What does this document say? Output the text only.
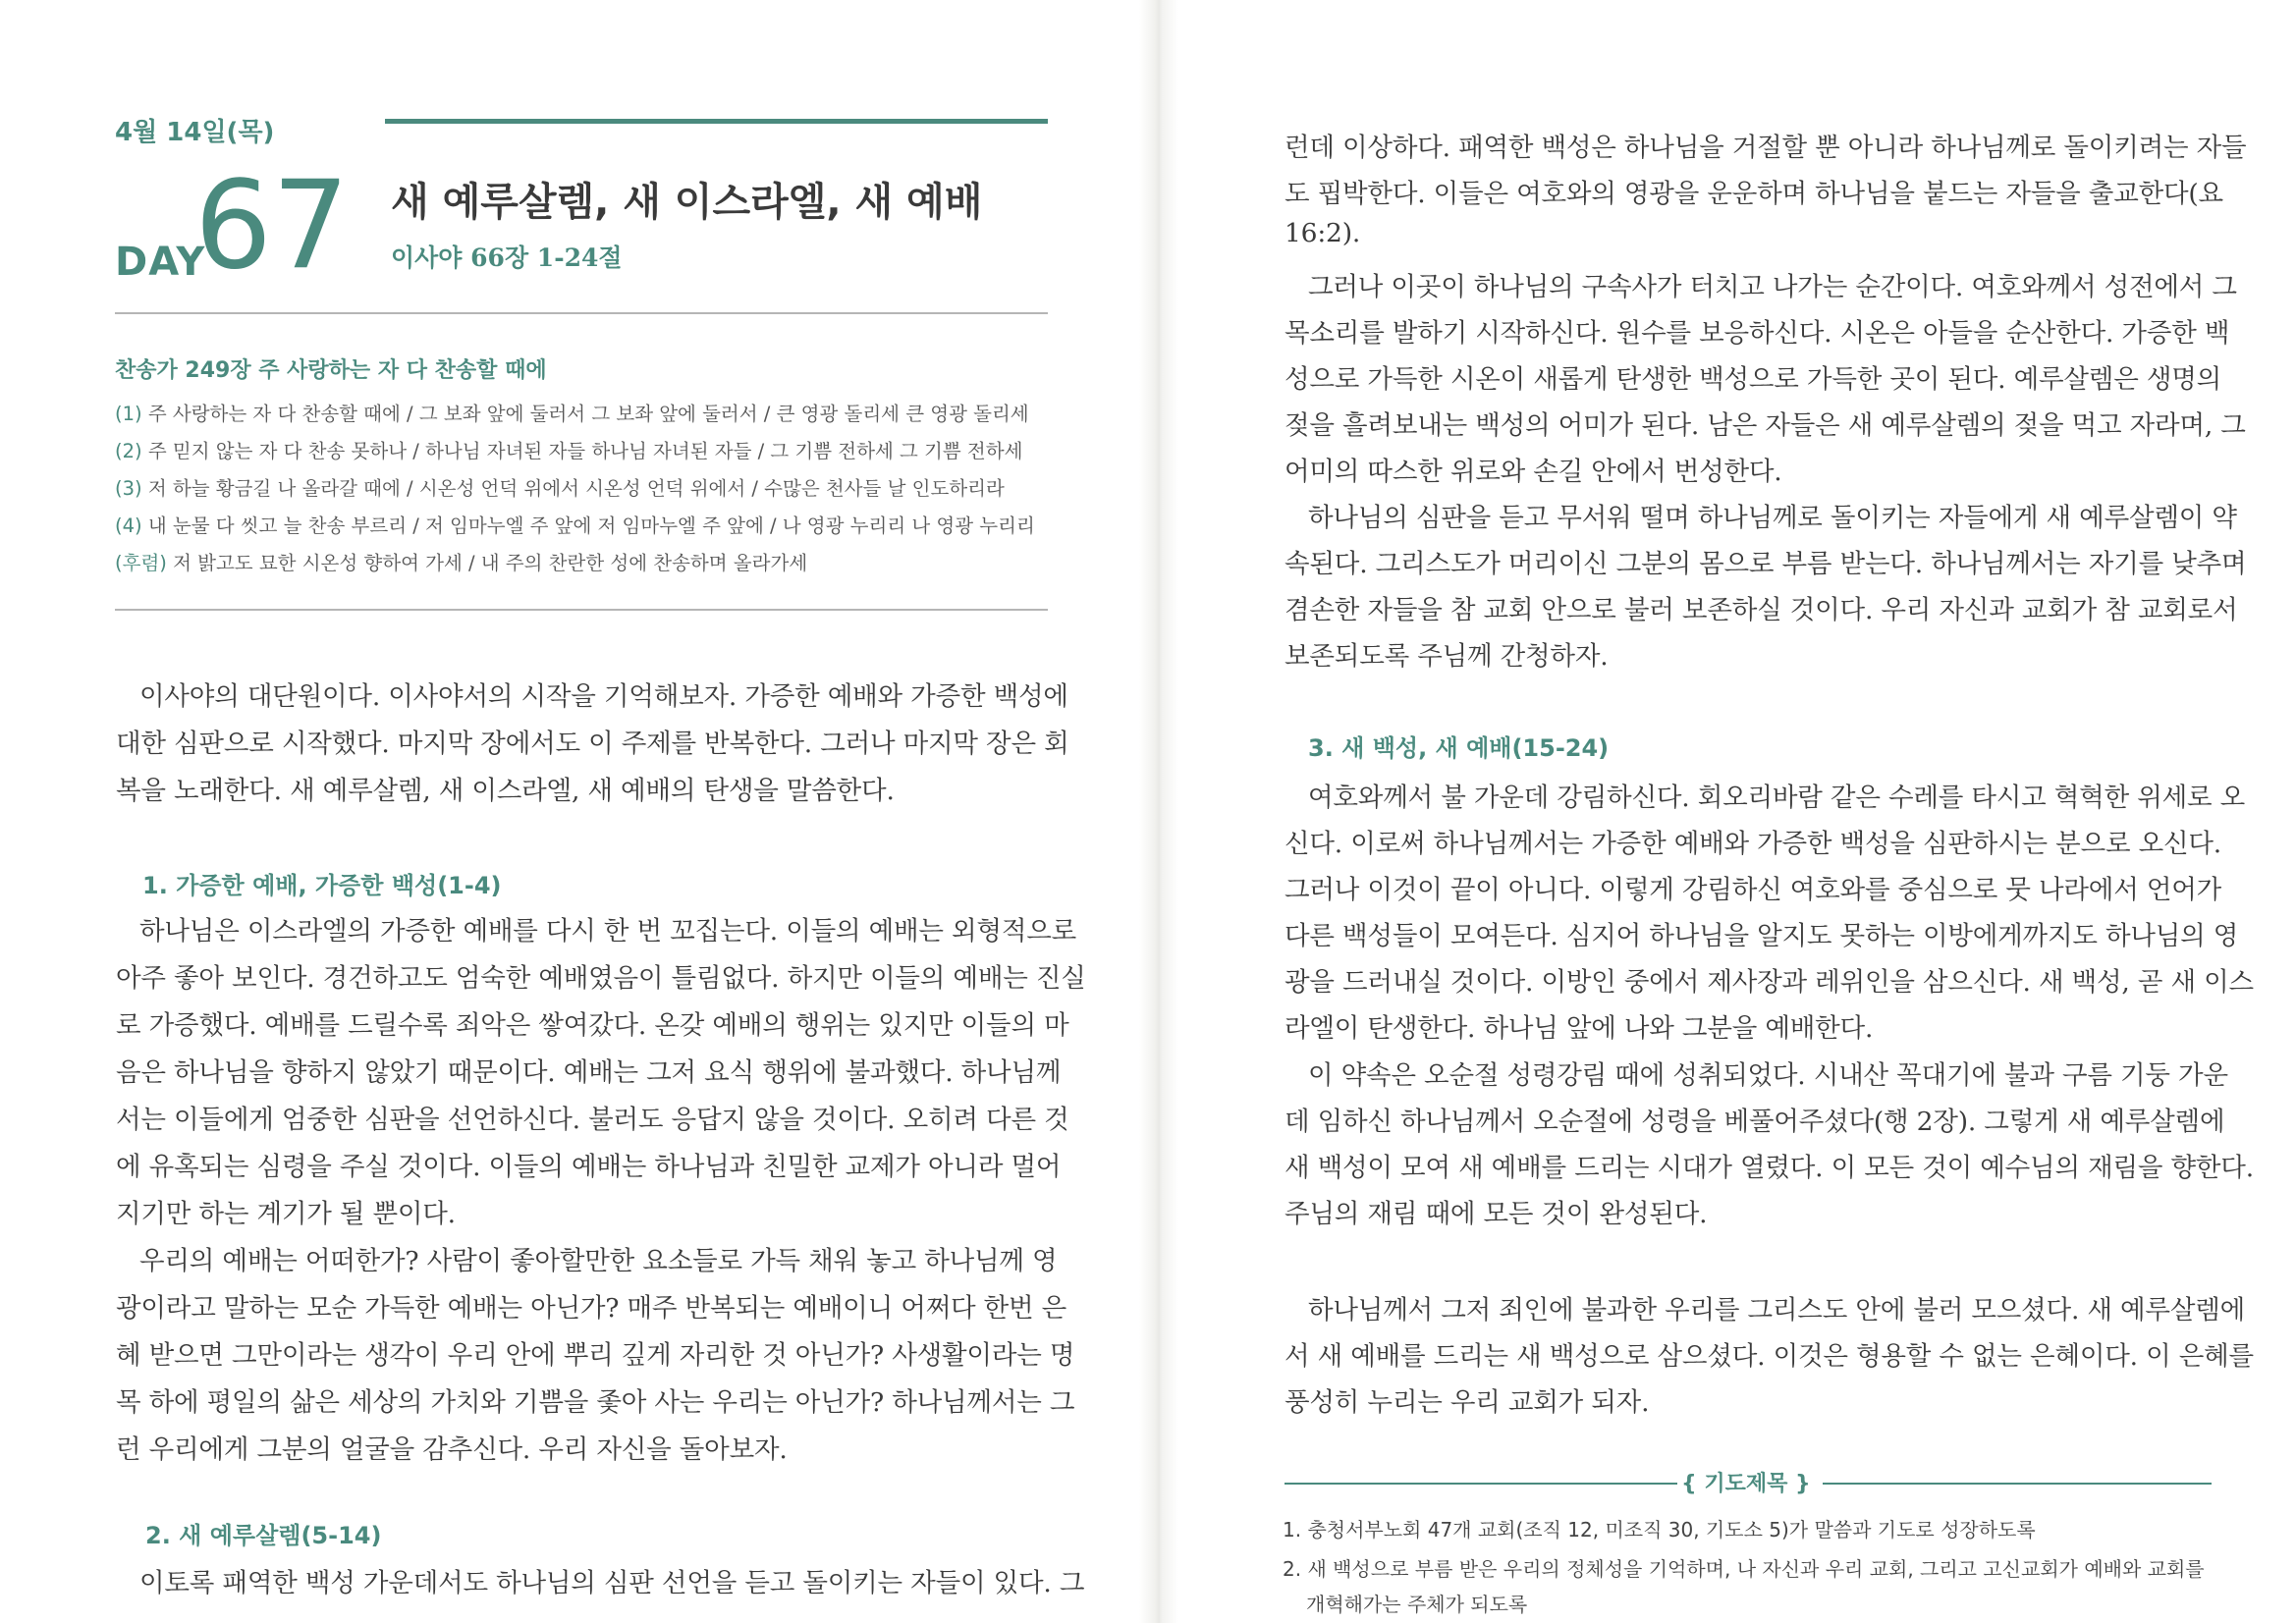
4월 14일(목)
DAY
67 새 예루살렘, 새 이스라엘, 새 예배
이사야 66장 1-24절
찬송가 249장 주 사랑하는 자 다 찬송할 때에
(1) 주 사랑하는 자 다 찬송할 때에 / 그 보좌 앞에 둘러서 그 보좌 앞에 둘러서 / 큰 영광 돌리세 큰 영광 돌리세
(2) 주 믿지 않는 자 다 찬송 못하나 / 하나님 자녀된 자들 하나님 자녀된 자들 / 그 기쁨 전하세 그 기쁨 전하세
(3) 저 하늘 황금길 나 올라갈 때에 / 시온성 언덕 위에서 시온성 언덕 위에서 / 수많은 천사들 날 인도하리라
(4) 내 눈물 다 씻고 늘 찬송 부르리 / 저 임마누엘 주 앞에 저 임마누엘 주 앞에 / 나 영광 누리리 나 영광 누리리
(후렴) 저 밝고도 묘한 시온성 향하여 가세 / 내 주의 찬란한 성에 찬송하며 올라가세
이사야의 대단원이다. 이사야서의 시작을 기억해보자. 가증한 예배와 가증한 백성에
대한 심판으로 시작했다. 마지막 장에서도 이 주제를 반복한다. 그러나 마지막 장은 회
복을 노래한다. 새 예루살렘, 새 이스라엘, 새 예배의 탄생을 말씀한다.
1. 가증한 예배, 가증한 백성(1-4)
하나님은 이스라엘의 가증한 예배를 다시 한 번 꼬집는다. 이들의 예배는 외형적으로
아주 좋아 보인다. 경건하고도 엄숙한 예배였음이 틀림없다. 하지만 이들의 예배는 진실
로 가증했다. 예배를 드릴수록 죄악은 쌓여갔다. 온갖 예배의 행위는 있지만 이들의 마
음은 하나님을 향하지 않았기 때문이다. 예배는 그저 요식 행위에 불과했다. 하나님께
서는 이들에게 엄중한 심판을 선언하신다. 불러도 응답지 않을 것이다. 오히려 다른 것
에 유혹되는 심령을 주실 것이다. 이들의 예배는 하나님과 친밀한 교제가 아니라 멀어
지기만 하는 계기가 될 뿐이다.
우리의 예배는 어떠한가? 사람이 좋아할만한 요소들로 가득 채워 놓고 하나님께 영
광이라고 말하는 모순 가득한 예배는 아닌가? 매주 반복되는 예배이니 어쩌다 한번 은
혜 받으면 그만이라는 생각이 우리 안에 뿌리 깊게 자리한 것 아닌가? 사생활이라는 명
목 하에 평일의 삶은 세상의 가치와 기쁨을 좇아 사는 우리는 아닌가? 하나님께서는 그
런 우리에게 그분의 얼굴을 감추신다. 우리 자신을 돌아보자.
2. 새 예루살렘(5-14)
이토록 패역한 백성 가운데서도 하나님의 심판 선언을 듣고 돌이키는 자들이 있다. 그
런데 이상하다. 패역한 백성은 하나님을 거절할 뿐 아니라 하나님께로 돌이키려는 자들
도 핍박한다. 이들은 여호와의 영광을 운운하며 하나님을 붙드는 자들을 출교한다(요
16:2).
그러나 이곳이 하나님의 구속사가 터치고 나가는 순간이다. 여호와께서 성전에서 그
목소리를 발하기 시작하신다. 원수를 보응하신다. 시온은 아들을 순산한다. 가증한 백
성으로 가득한 시온이 새롭게 탄생한 백성으로 가득한 곳이 된다. 예루살렘은 생명의
젖을 흘려보내는 백성의 어미가 된다. 남은 자들은 새 예루살렘의 젖을 먹고 자라며, 그
어미의 따스한 위로와 손길 안에서 번성한다.
하나님의 심판을 듣고 무서워 떨며 하나님께로 돌이키는 자들에게 새 예루살렘이 약
속된다. 그리스도가 머리이신 그분의 몸으로 부름 받는다. 하나님께서는 자기를 낮추며
겸손한 자들을 참 교회 안으로 불러 보존하실 것이다. 우리 자신과 교회가 참 교회로서
보존되도록 주님께 간청하자.
3. 새 백성, 새 예배(15-24)
여호와께서 불 가운데 강림하신다. 회오리바람 같은 수레를 타시고 혁혁한 위세로 오
신다. 이로써 하나님께서는 가증한 예배와 가증한 백성을 심판하시는 분으로 오신다.
그러나 이것이 끝이 아니다. 이렇게 강림하신 여호와를 중심으로 뭇 나라에서 언어가
다른 백성들이 모여든다. 심지어 하나님을 알지도 못하는 이방에게까지도 하나님의 영
광을 드러내실 것이다. 이방인 중에서 제사장과 레위인을 삼으신다. 새 백성, 곧 새 이스
라엘이 탄생한다. 하나님 앞에 나와 그분을 예배한다.
이 약속은 오순절 성령강림 때에 성취되었다. 시내산 꼭대기에 불과 구름 기둥 가운
데 임하신 하나님께서 오순절에 성령을 베풀어주셨다(행 2장). 그렇게 새 예루살렘에
새 백성이 모여 새 예배를 드리는 시대가 열렸다. 이 모든 것이 예수님의 재림을 향한다.
주님의 재림 때에 모든 것이 완성된다.
하나님께서 그저 죄인에 불과한 우리를 그리스도 안에 불러 모으셨다. 새 예루살렘에
서 새 예배를 드리는 새 백성으로 삼으셨다. 이것은 형용할 수 없는 은혜이다. 이 은혜를
풍성히 누리는 우리 교회가 되자.
{ 기도제목 }
1. 충청서부노회 47개 교회(조직 12, 미조직 30, 기도소 5)가 말씀과 기도로 성장하도록
2. 새 백성으로 부름 받은 우리의 정체성을 기억하며, 나 자신과 우리 교회, 그리고 고신교회가 예배와 교회를
개혁해가는 주체가 되도록
